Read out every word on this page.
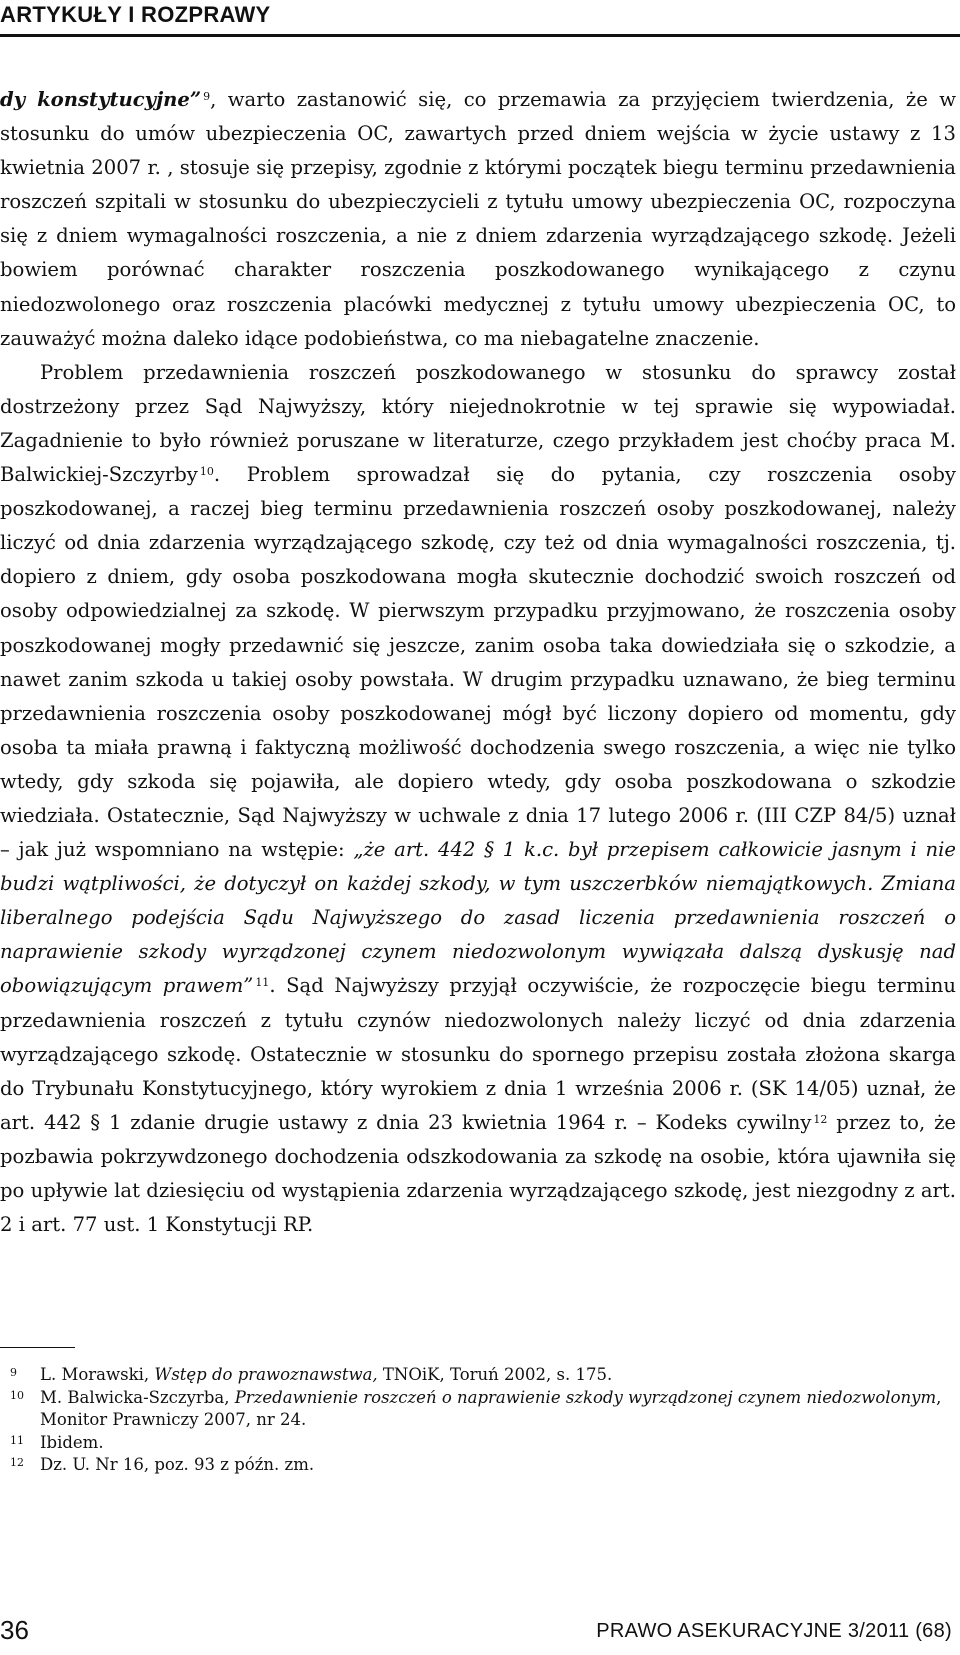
ARTYKUŁY I ROZPRAWY

dy konstytucyjne” $^9$, warto zastanowić się, co przemawia za przyjęciem twierdzenia, że w stosunku do umów ubezpieczenia OC, zawartych przed dniem wejścia w życie ustawy z 13 kwietnia 2007 r. , stosuje się przepisy, zgodnie z którymi początek biegu terminu przedawnienia roszczeń szpitali w stosunku do ubezpieczycieli z tytułu umowy ubezpieczenia OC, rozpoczyna się z dniem wymagalności roszczenia, a nie z dniem zdarzenia wyrządzającego szkodę. Jeżeli bowiem porównać charakter roszczenia poszkodowanego wynikającego z czynu niedozwolonego oraz roszczenia placówki medycznej z tytułu umowy ubezpieczenia OC, to zauważyć można daleko idące podobieństwa, co ma niebagatelne znaczenie.

Problem przedawnienia roszczeń poszkodowanego w stosunku do sprawcy został dostrzeżony przez Sąd Najwyższy, który niejednokrotnie w tej sprawie się wypowiadał. Zagadnienie to było również poruszane w literaturze, czego przykładem jest choćby praca M. Balwickiej-Szczyrby $^{10}$. Problem sprowadzał się do pytania, czy roszczenia osoby poszkodowanej, a raczej bieg terminu przedawnienia roszczeń osoby poszkodowanej, należy liczyć od dnia zdarzenia wyrządzającego szkodę, czy też od dnia wymagalności roszczenia, tj. dopiero z dniem, gdy osoba poszkodowana mogła skutecznie dochodzić swoich roszczeń od osoby odpowiedzialnej za szkodę. W pierwszym przypadku przyjmowano, że roszczenia osoby poszkodowanej mogły przedawnić się jeszcze, zanim osoba taka dowiedziała się o szkodzie, a nawet zanim szkoda u takiej osoby powstała. W drugim przypadku uznawano, że bieg terminu przedawnienia roszczenia osoby poszkodowanej mógł być liczony dopiero od momentu, gdy osoba ta miała prawną i faktyczną możliwość dochodzenia swego roszczenia, a więc nie tylko wtedy, gdy szkoda się pojawiła, ale dopiero wtedy, gdy osoba poszkodowana o szkodzie wiedziała. Ostatecznie, Sąd Najwyższy w uchwale z dnia 17 lutego 2006 r. (III CZP 84/5) uznał – jak już wspomniano na wstępie: „że art. 442 § 1 k.c. był przepisem całkowicie jasnym i nie budzi wątpliwości, że dotyczył on każdej szkody, w tym uszczerbków niemajątkowych. Zmiana liberalnego podejścia Sądu Najwyższego do zasad liczenia przedawnienia roszczeń o naprawienie szkody wyrządzonej czynem niedozwolonym wywiązała dalszą dyskusję nad obowiązującym prawem” $^{11}$. Sąd Najwyższy przyjął oczywiście, że rozpoczęcie biegu terminu przedawnienia roszczeń z tytułu czynów niedozwolonych należy liczyć od dnia zdarzenia wyrządzającego szkodę. Ostatecznie w stosunku do spornego przepisu została złożona skarga do Trybunału Konstytucyjnego, który wyrokiem z dnia 1 września 2006 r. (SK 14/05) uznał, że art. 442 § 1 zdanie drugie ustawy z dnia 23 kwietnia 1964 r. – Kodeks cywilny $^{12}$ przez to, że pozbawia pokrzywdzonego dochodzenia odszkodowania za szkodę na osobie, która ujawniła się po upływie lat dziesięciu od wystąpienia zdarzenia wyrządzającego szkodę, jest niezgodny z art. 2 i art. 77 ust. 1 Konstytucji RP.

9 L. Morawski, Wstęp do prawoznawstwa, TNOiK, Toruń 2002, s. 175.
10 M. Balwicka-Szczyrba, Przedawnienie roszczeń o naprawienie szkody wyrządzonej czynem niedozwolonym, Monitor Prawniczy 2007, nr 24.
11 Ibidem.
12 Dz. U. Nr 16, poz. 93 z późn. zm.
36	PRAWO ASEKURACYJNE 3/2011 (68)
